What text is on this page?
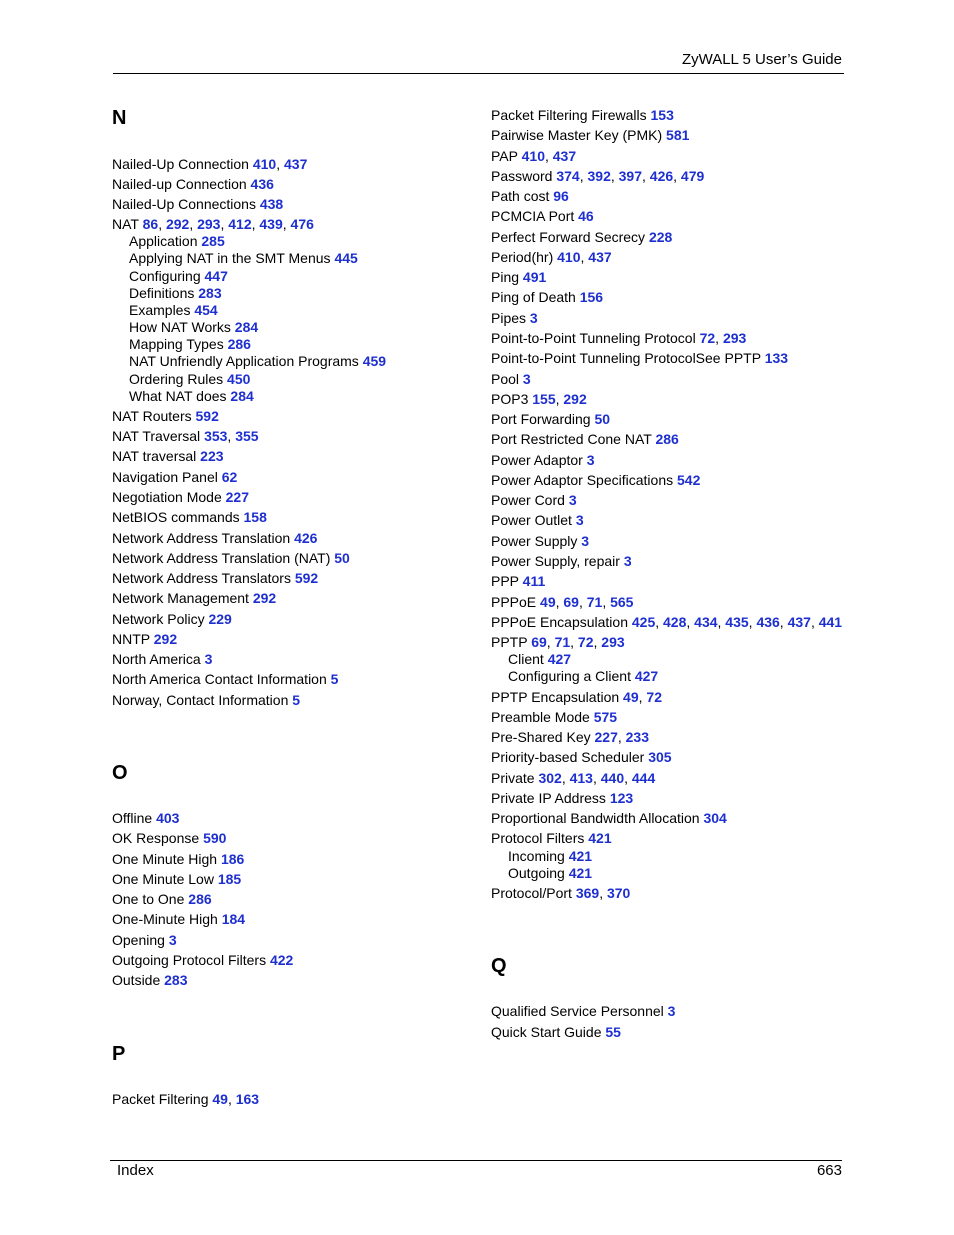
ZyWALL 5 User’s Guide
N
Nailed-Up Connection 410, 437
Nailed-up Connection 436
Nailed-Up Connections 438
NAT 86, 292, 293, 412, 439, 476
Application 285
Applying NAT in the SMT Menus 445
Configuring 447
Definitions 283
Examples 454
How NAT Works 284
Mapping Types 286
NAT Unfriendly Application Programs 459
Ordering Rules 450
What NAT does 284
NAT Routers 592
NAT Traversal 353, 355
NAT traversal 223
Navigation Panel 62
Negotiation Mode 227
NetBIOS commands 158
Network Address Translation 426
Network Address Translation (NAT) 50
Network Address Translators 592
Network Management 292
Network Policy 229
NNTP 292
North America 3
North America Contact Information 5
Norway, Contact Information 5
O
Offline 403
OK Response 590
One Minute High 186
One Minute Low 185
One to One 286
One-Minute High 184
Opening 3
Outgoing Protocol Filters 422
Outside 283
P
Packet Filtering 49, 163
Packet Filtering Firewalls 153
Pairwise Master Key (PMK) 581
PAP 410, 437
Password 374, 392, 397, 426, 479
Path cost 96
PCMCIA Port 46
Perfect Forward Secrecy 228
Period(hr) 410, 437
Ping 491
Ping of Death 156
Pipes 3
Point-to-Point Tunneling Protocol 72, 293
Point-to-Point Tunneling ProtocolSee PPTP 133
Pool 3
POP3 155, 292
Port Forwarding 50
Port Restricted Cone NAT 286
Power Adaptor 3
Power Adaptor Specifications 542
Power Cord 3
Power Outlet 3
Power Supply 3
Power Supply, repair 3
PPP 411
PPPoE 49, 69, 71, 565
PPPoE Encapsulation 425, 428, 434, 435, 436, 437, 441
PPTP 69, 71, 72, 293
Client 427
Configuring a Client 427
PPTP Encapsulation 49, 72
Preamble Mode 575
Pre-Shared Key 227, 233
Priority-based Scheduler 305
Private 302, 413, 440, 444
Private IP Address 123
Proportional Bandwidth Allocation 304
Protocol Filters 421
Incoming 421
Outgoing 421
Protocol/Port 369, 370
Q
Qualified Service Personnel 3
Quick Start Guide 55
Index	663
